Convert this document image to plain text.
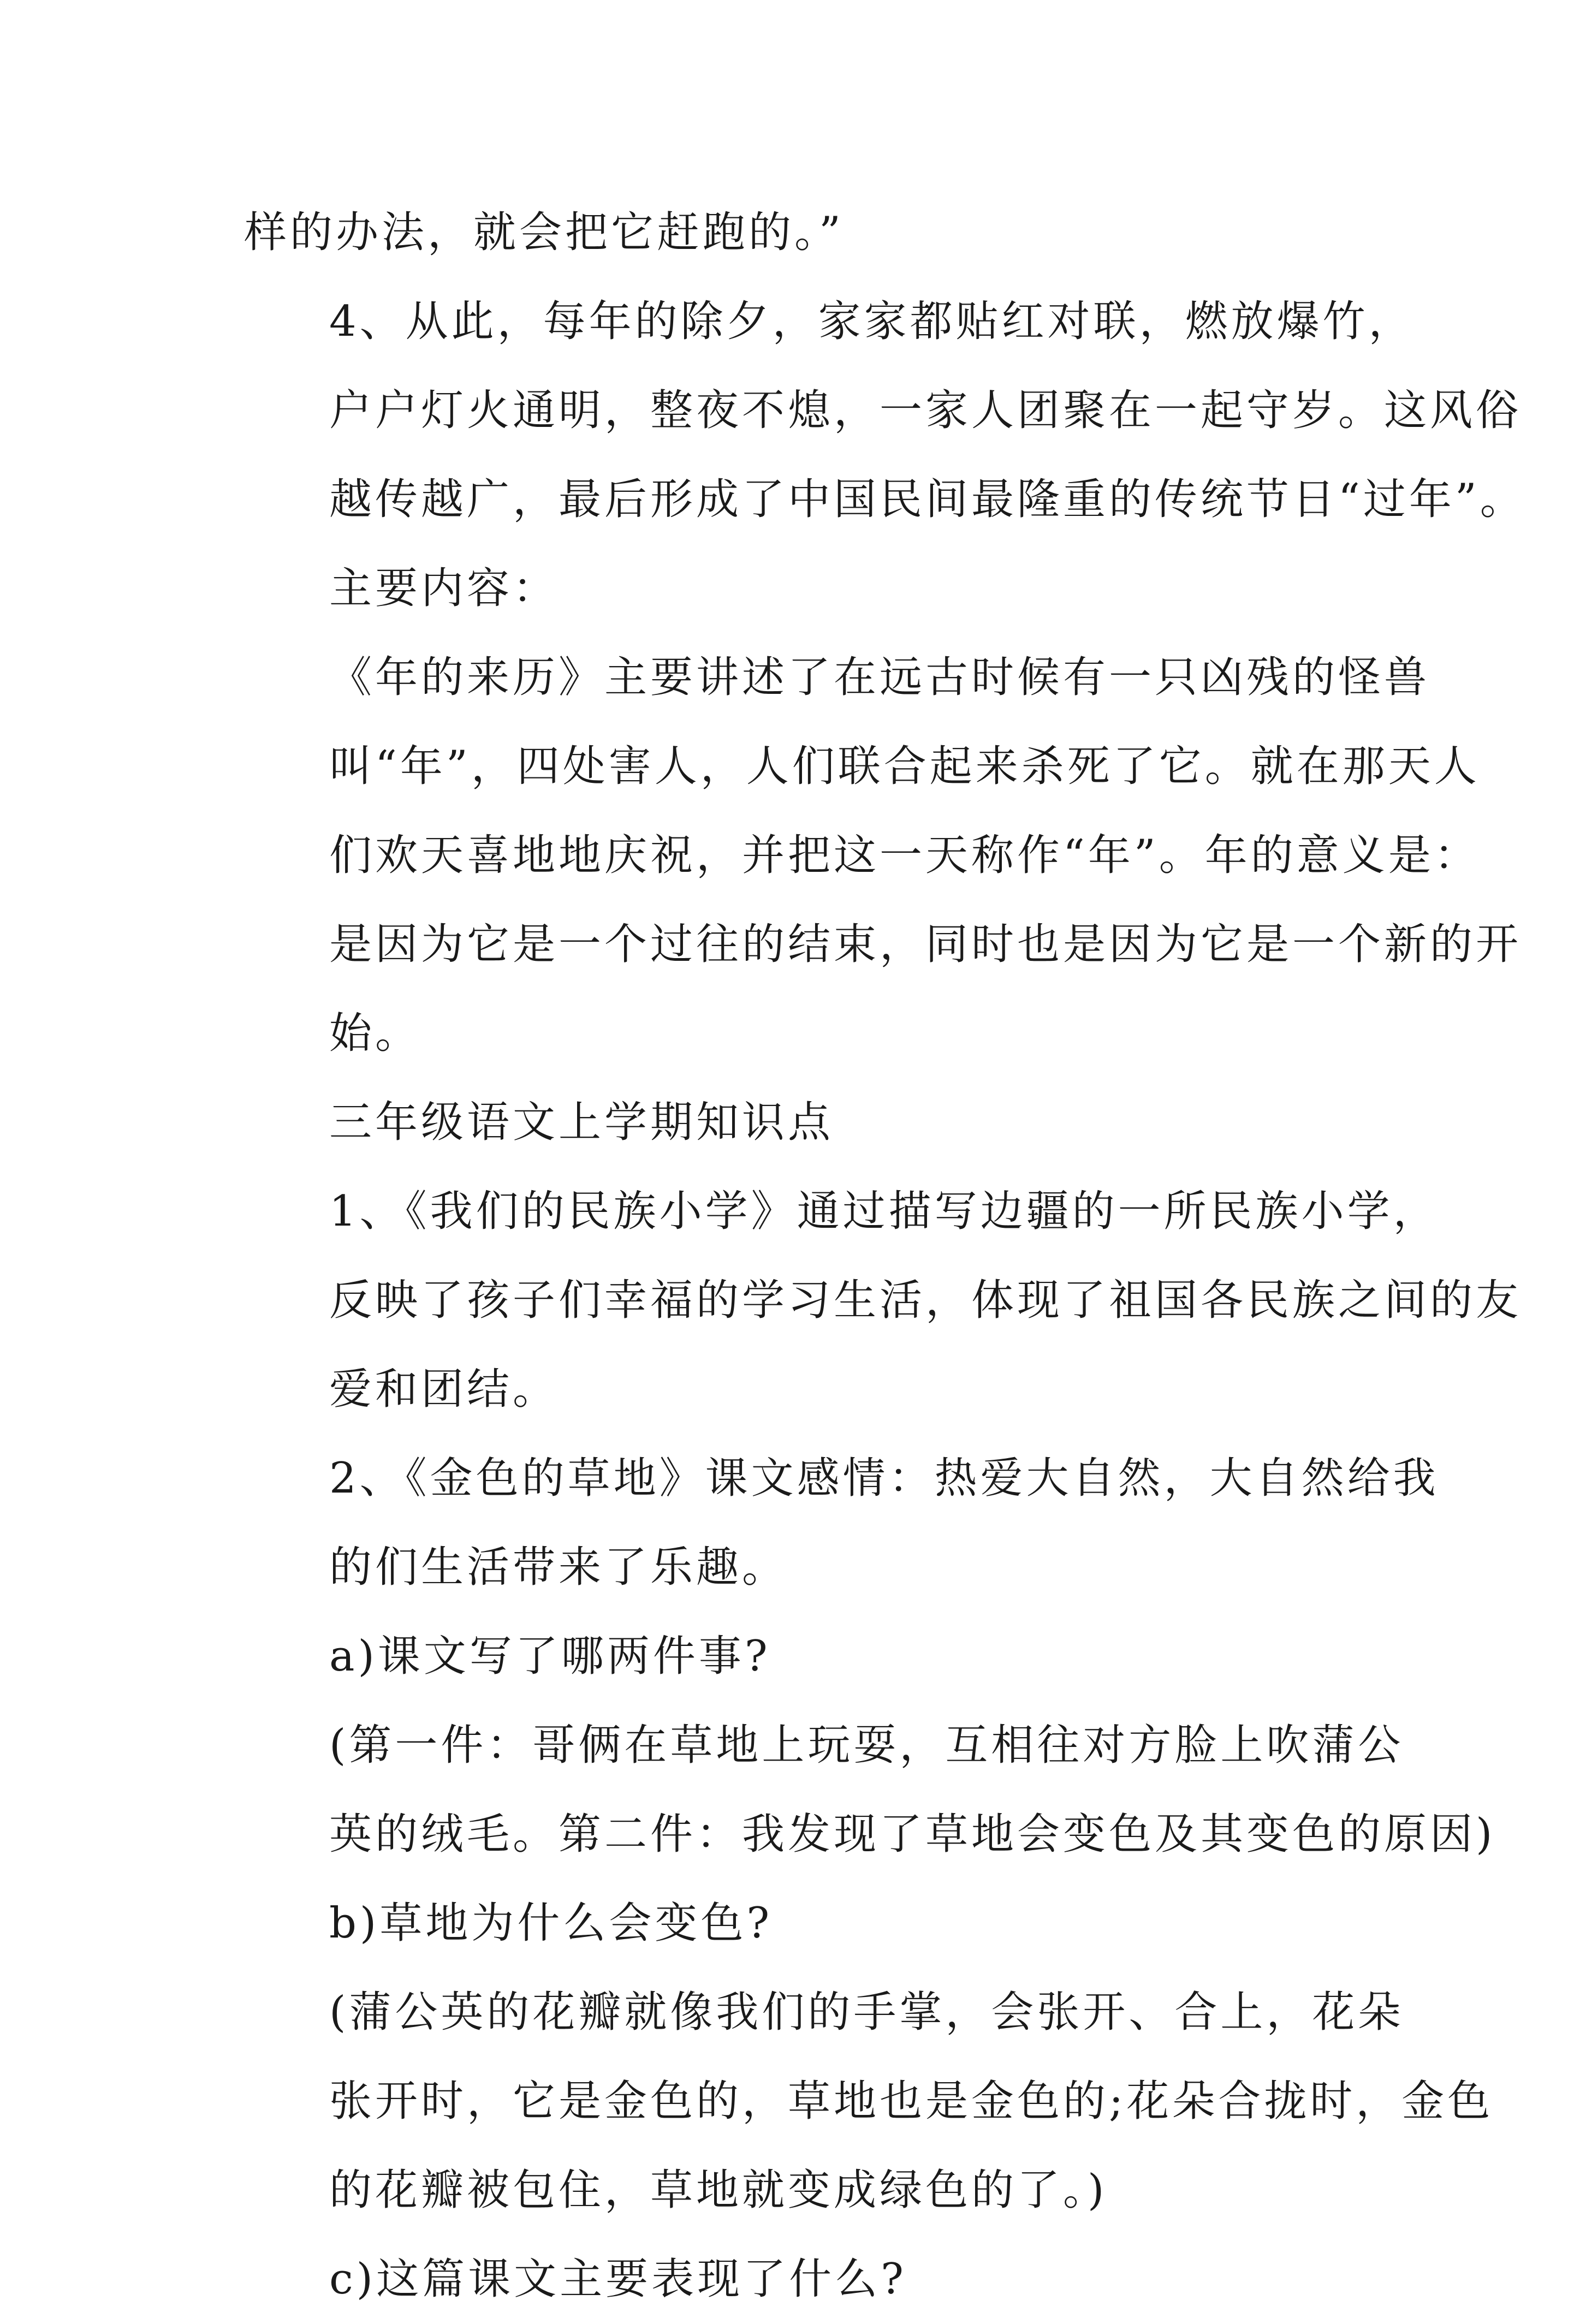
样的办法，就会把它赶跑的。”
4、从此，每年的除夕，家家都贴红对联，燃放爆竹，
户户灯火通明，整夜不熄，一家人团聚在一起守岁。这风俗
越传越广，最后形成了中国民间最隆重的传统节日“过年”。
主要内容：
《年的来历》主要讲述了在远古时候有一只凶残的怪兽
叫“年”，四处害人，人们联合起来杀死了它。就在那天人
们欢天喜地地庆祝，并把这一天称作“年”。年的意义是：
是因为它是一个过往的结束，同时也是因为它是一个新的开
始。
三年级语文上学期知识点
1、《我们的民族小学》通过描写边疆的一所民族小学，
反映了孩子们幸福的学习生活，体现了祖国各民族之间的友
爱和团结。
2、《金色的草地》课文感情：热爱大自然，大自然给我
的们生活带来了乐趣。
a)课文写了哪两件事?
(第一件：哥俩在草地上玩耍，互相往对方脸上吹蒲公
英的绒毛。第二件：我发现了草地会变色及其变色的原因)
b)草地为什么会变色?
(蒲公英的花瓣就像我们的手掌，会张开、合上，花朵
张开时，它是金色的，草地也是金色的;花朵合拢时，金色
的花瓣被包住，草地就变成绿色的了。)
c)这篇课文主要表现了什么?
